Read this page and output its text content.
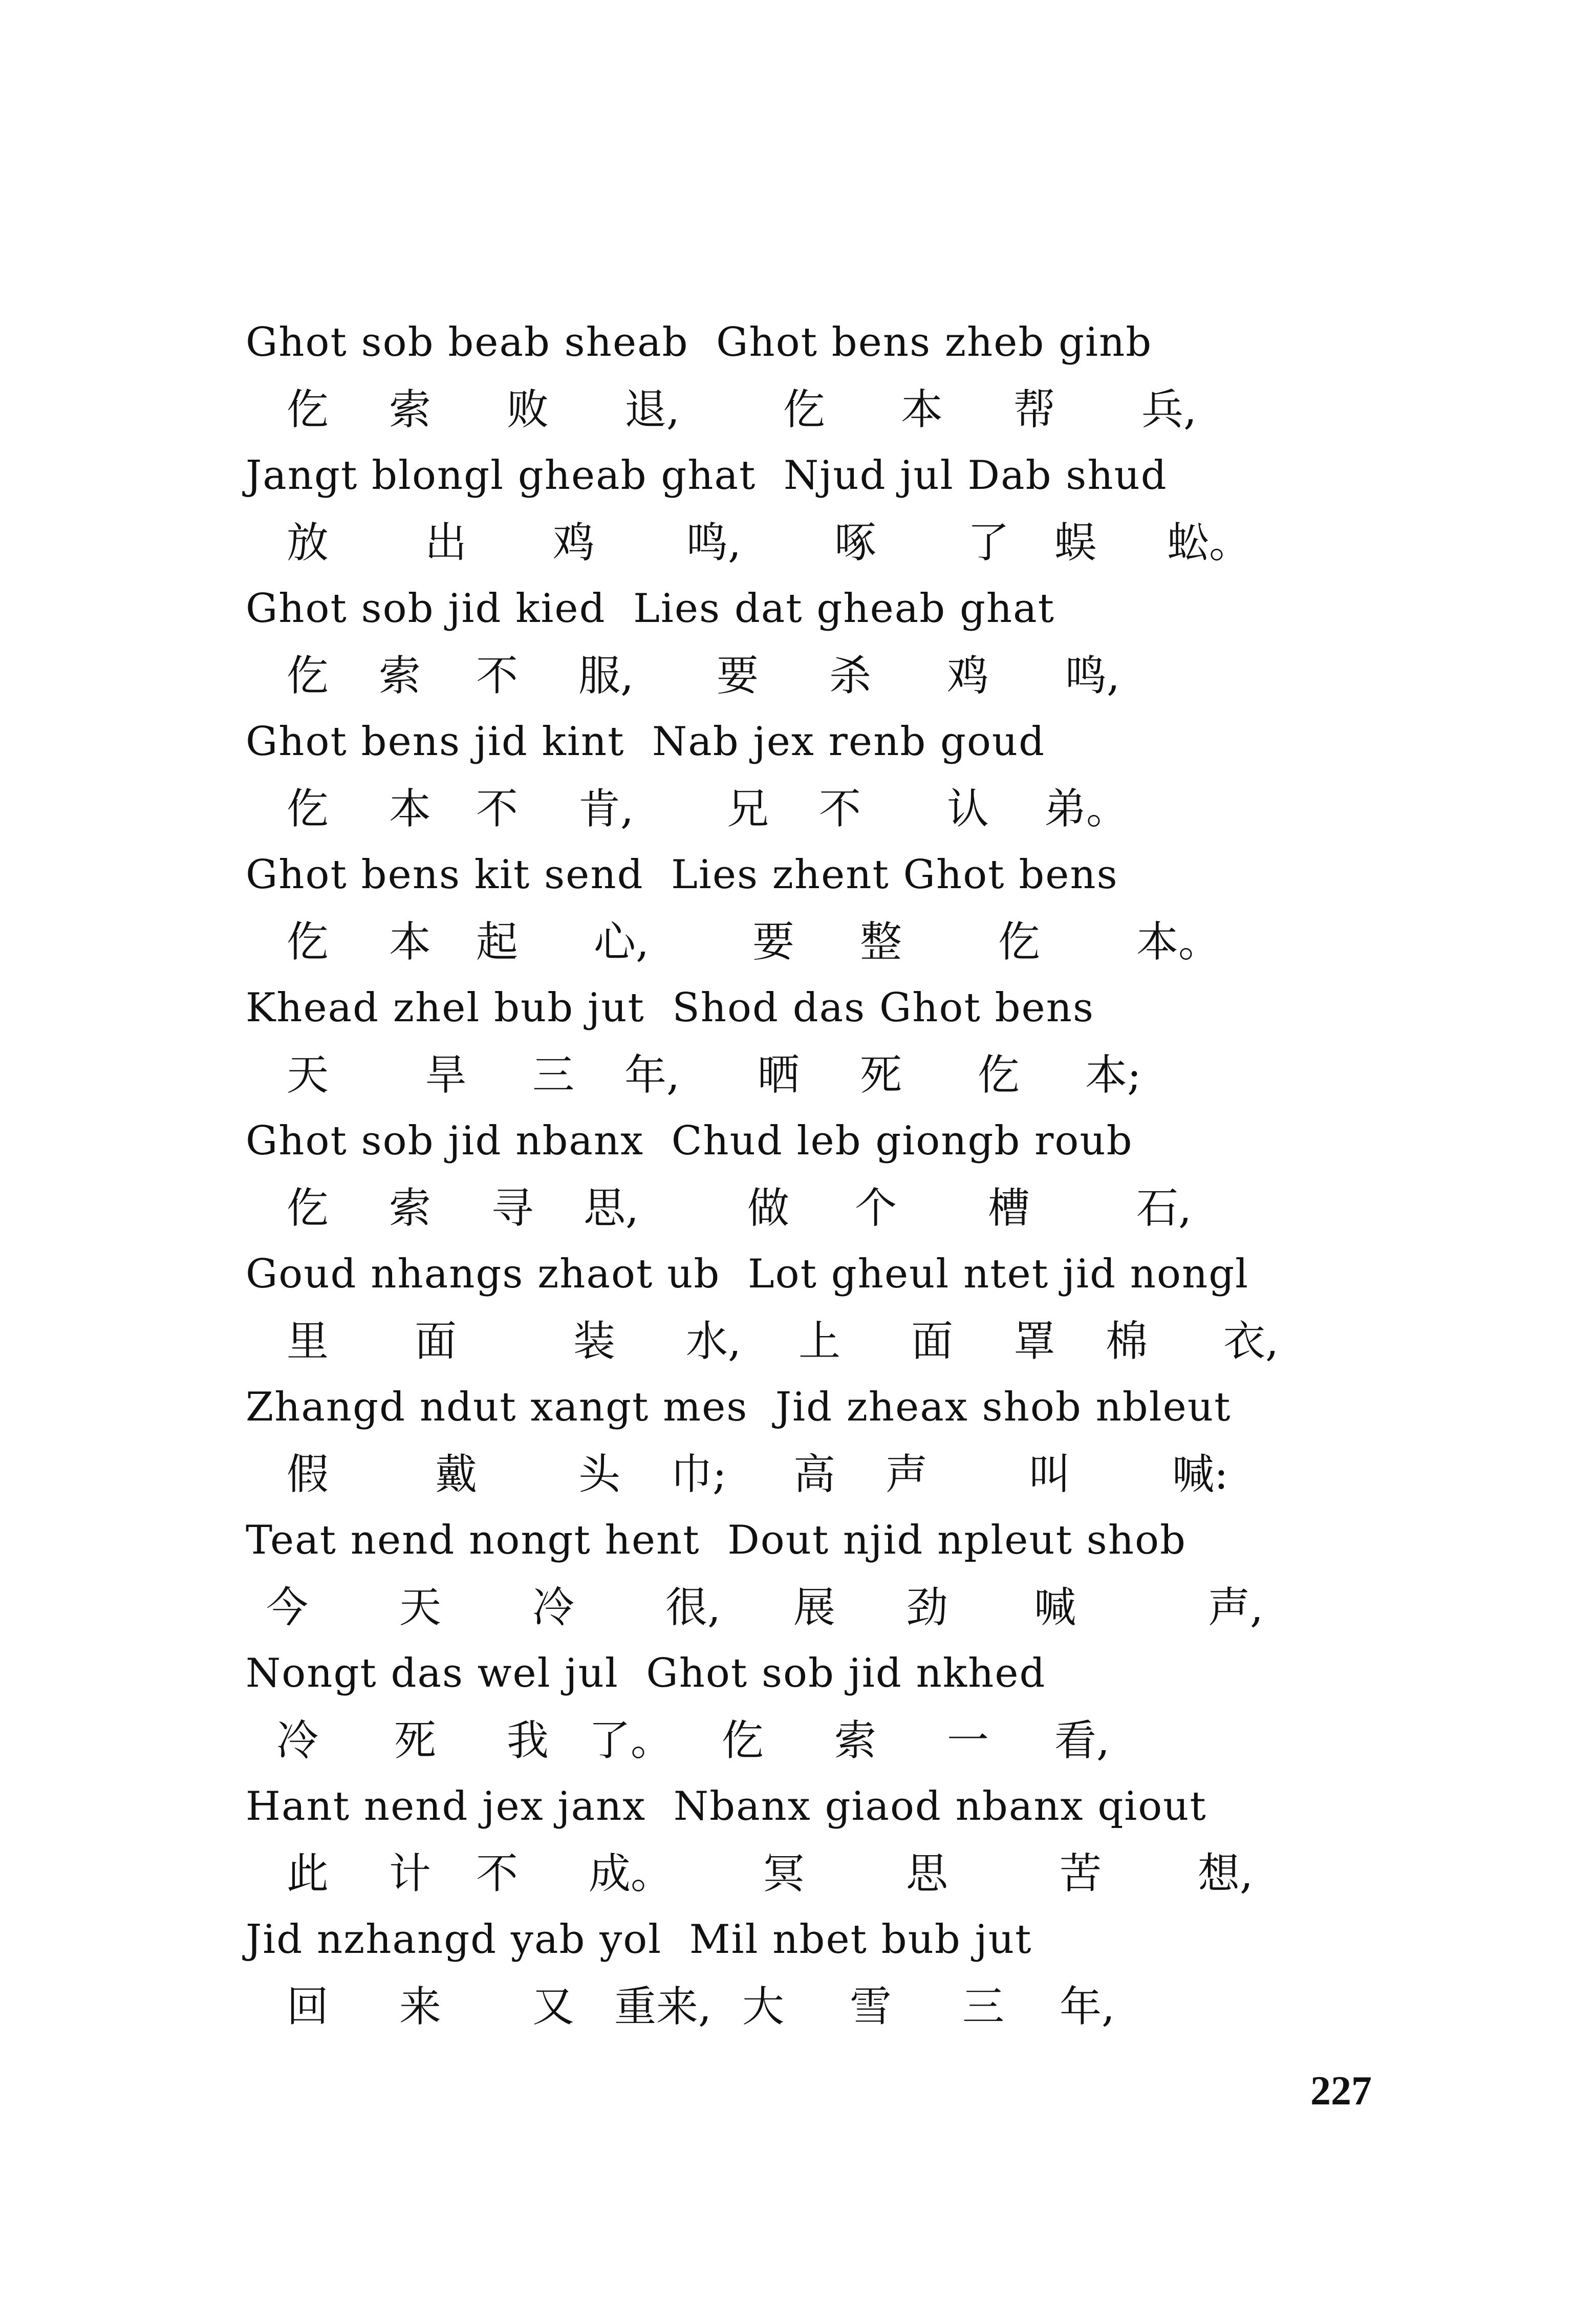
Ghot sob beab sheab  Ghot bens zheb ginb

仡

索

败

退,

仡

本

帮

兵,

Jangt blongl gheab ghat  Njud jul Dab shud

放

出

鸡

鸣,

啄

了

蜈

蚣。

Ghot sob jid kied  Lies dat gheab ghat

仡

索

不

服,

要

杀

鸡

鸣,

Ghot bens jid kint  Nab jex renb goud

仡

本

不

肯,

兄

不

认

弟。

Ghot bens kit send  Lies zhent Ghot bens

仡

本

起

心,

要

整

仡

本。

Khead zhel bub jut  Shod das Ghot bens

天

旱

三

年,

晒

死

仡

本;

Ghot sob jid nbanx  Chud leb giongb roub

仡

索

寻

思,

	做

个

槽

	石,

Goud nhangs zhaot ub  Lot gheul ntet jid nongl

里

面

	装

水,

上

面

罩

棉

衣,

Zhangd ndut xangt mes  Jid zheax shob nbleut

假

	戴

头

巾;

高

声

叫

喊:

Teat nend nongt hent  Dout njid npleut shob

今

天

冷

很,

展

劲

喊

	声,

Nongt das wel jul  Ghot sob jid nkhed

冷

死

我

了。

仡

索

一

看,

Hant nend jex janx  Nbanx giaod nbanx qiout

此

计

不

成。

冥

思

	苦

想,

Jid nzhangd yab yol  Mil nbet bub jut

回

来

又

重来,

大

雪

三

年,

227
